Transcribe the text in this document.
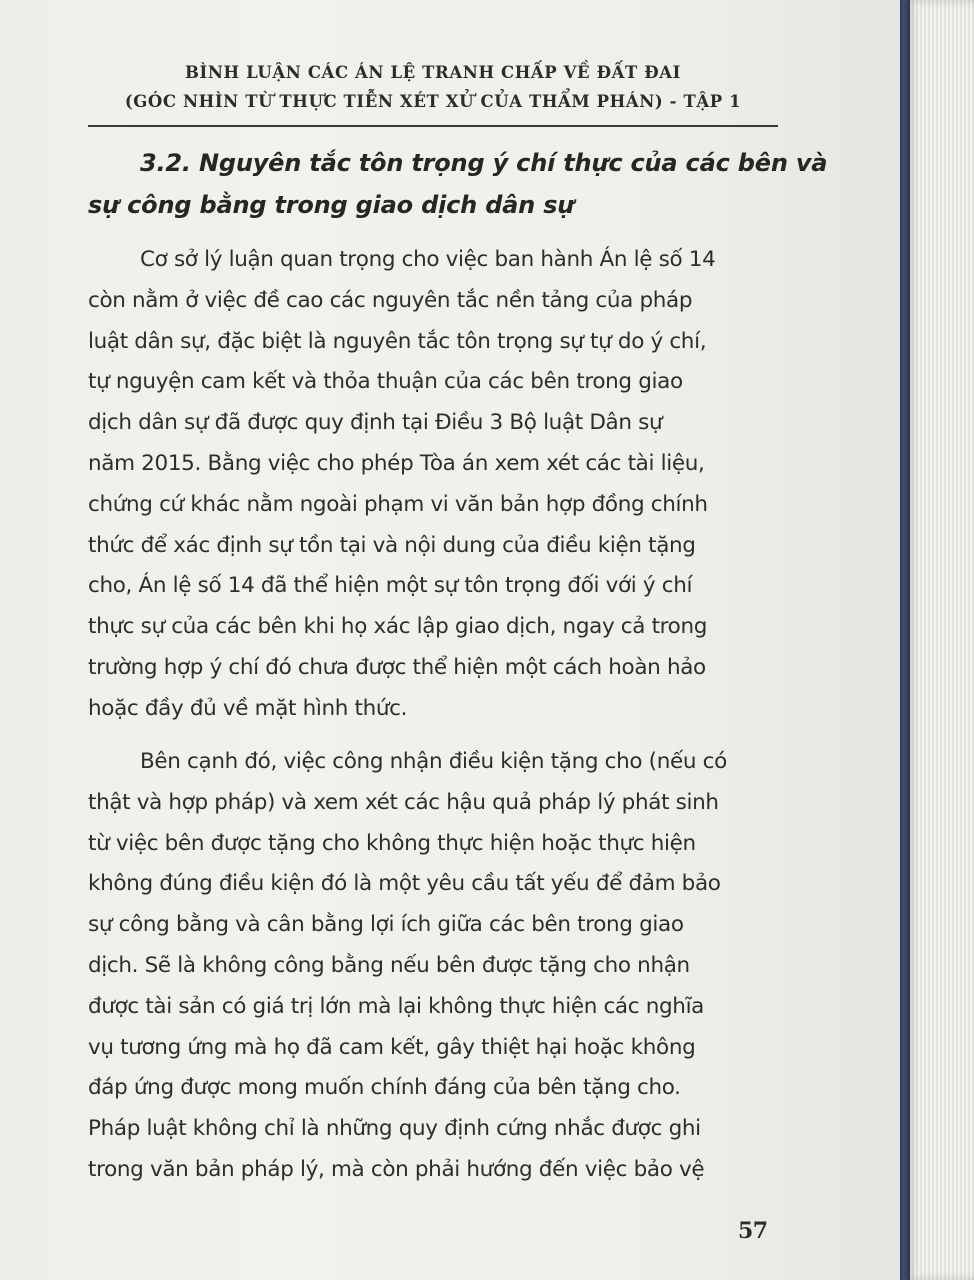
BÌNH LUẬN CÁC ÁN LỆ TRANH CHẤP VỀ ĐẤT ĐAI
(GÓC NHÌN TỪ THỰC TIỄN XÉT XỬ CỦA THẨM PHÁN) - TẬP 1
3.2. Nguyên tắc tôn trọng ý chí thực của các bên và
sự công bằng trong giao dịch dân sự
Cơ sở lý luận quan trọng cho việc ban hành Án lệ số 14
còn nằm ở việc đề cao các nguyên tắc nền tảng của pháp
luật dân sự, đặc biệt là nguyên tắc tôn trọng sự tự do ý chí,
tự nguyện cam kết và thỏa thuận của các bên trong giao
dịch dân sự đã được quy định tại Điều 3 Bộ luật Dân sự
năm 2015. Bằng việc cho phép Tòa án xem xét các tài liệu,
chứng cứ khác nằm ngoài phạm vi văn bản hợp đồng chính
thức để xác định sự tồn tại và nội dung của điều kiện tặng
cho, Án lệ số 14 đã thể hiện một sự tôn trọng đối với ý chí
thực sự của các bên khi họ xác lập giao dịch, ngay cả trong
trường hợp ý chí đó chưa được thể hiện một cách hoàn hảo
hoặc đầy đủ về mặt hình thức.
Bên cạnh đó, việc công nhận điều kiện tặng cho (nếu có
thật và hợp pháp) và xem xét các hậu quả pháp lý phát sinh
từ việc bên được tặng cho không thực hiện hoặc thực hiện
không đúng điều kiện đó là một yêu cầu tất yếu để đảm bảo
sự công bằng và cân bằng lợi ích giữa các bên trong giao
dịch. Sẽ là không công bằng nếu bên được tặng cho nhận
được tài sản có giá trị lớn mà lại không thực hiện các nghĩa
vụ tương ứng mà họ đã cam kết, gây thiệt hại hoặc không
đáp ứng được mong muốn chính đáng của bên tặng cho.
Pháp luật không chỉ là những quy định cứng nhắc được ghi
trong văn bản pháp lý, mà còn phải hướng đến việc bảo vệ
57
